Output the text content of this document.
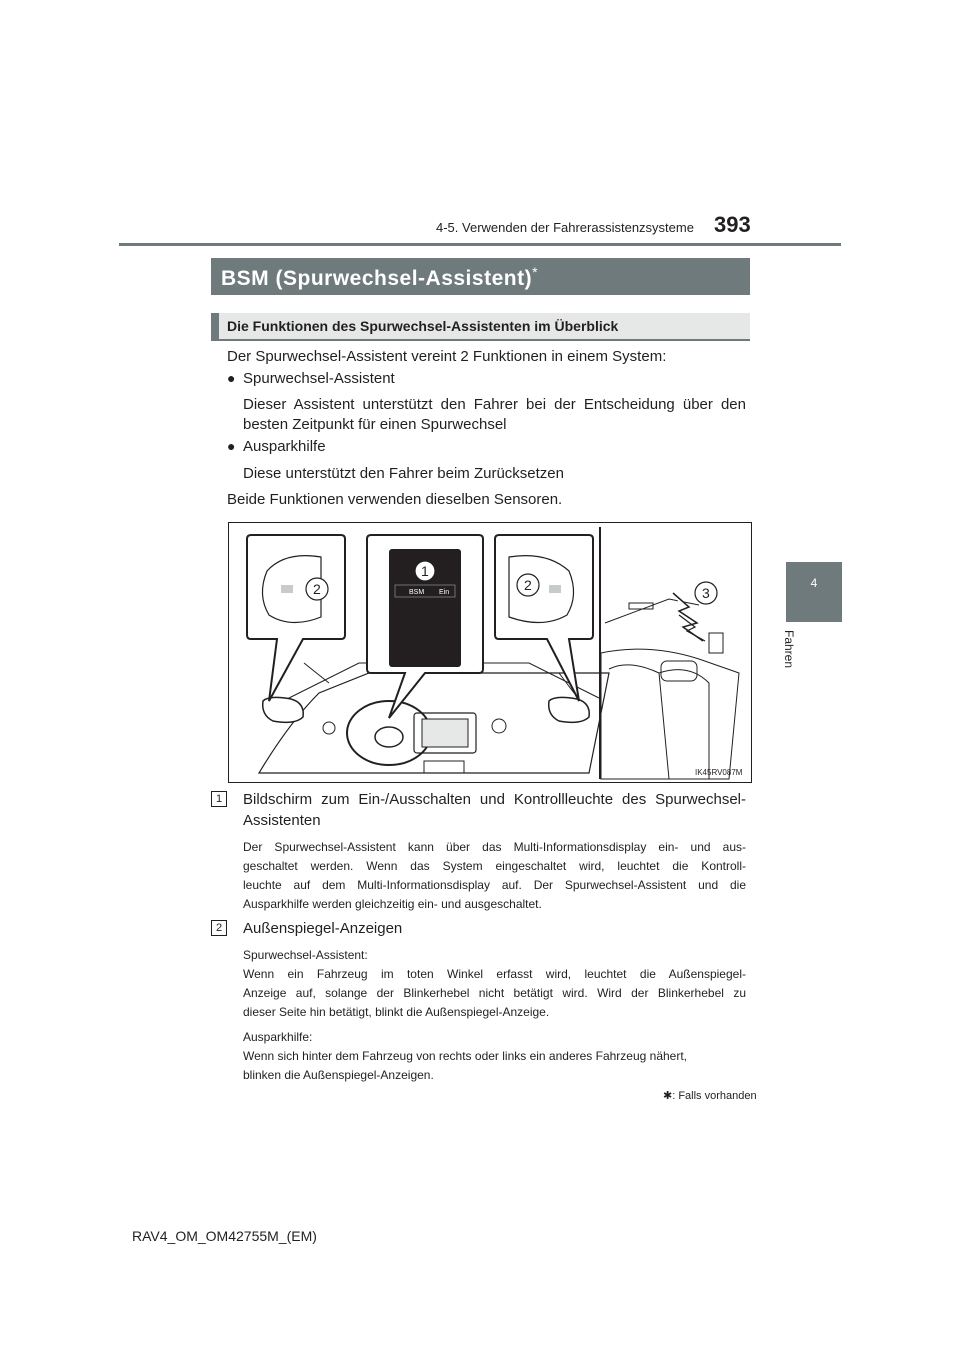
4-5. Verwenden der Fahrerassistenzsysteme 393
4
Fahren
BSM (Spurwechsel-Assistent)*
Die Funktionen des Spurwechsel-Assistenten im Überblick
Der Spurwechsel-Assistent vereint 2 Funktionen in einem System:
● Spurwechsel-Assistent
Dieser Assistent unterstützt den Fahrer bei der Entscheidung über den
besten Zeitpunkt für einen Spurwechsel
● Ausparkhilfe
Diese unterstützt den Fahrer beim Zurücksetzen
Beide Funktionen verwenden dieselben Sensoren.
BSM Ein
2
1
2	3
IK45RV087M
1	Bildschirm zum Ein-/Ausschalten und Kontrollleuchte des Spurwechsel-
Assistenten
Der Spurwechsel-Assistent kann über das Multi-Informationsdisplay ein- und aus-
geschaltet werden. Wenn das System eingeschaltet wird, leuchtet die Kontroll-
leuchte auf dem Multi-Informationsdisplay auf. Der Spurwechsel-Assistent und die
Ausparkhilfe werden gleichzeitig ein- und ausgeschaltet.
2	Außenspiegel-Anzeigen
Spurwechsel-Assistent:
Wenn ein Fahrzeug im toten Winkel erfasst wird, leuchtet die Außenspiegel-
Anzeige auf, solange der Blinkerhebel nicht betätigt wird. Wird der Blinkerhebel zu
dieser Seite hin betätigt, blinkt die Außenspiegel-Anzeige.
Ausparkhilfe:
Wenn sich hinter dem Fahrzeug von rechts oder links ein anderes Fahrzeug nähert,
blinken die Außenspiegel-Anzeigen.
✱: Falls vorhanden
RAV4_OM_OM42755M_(EM)
